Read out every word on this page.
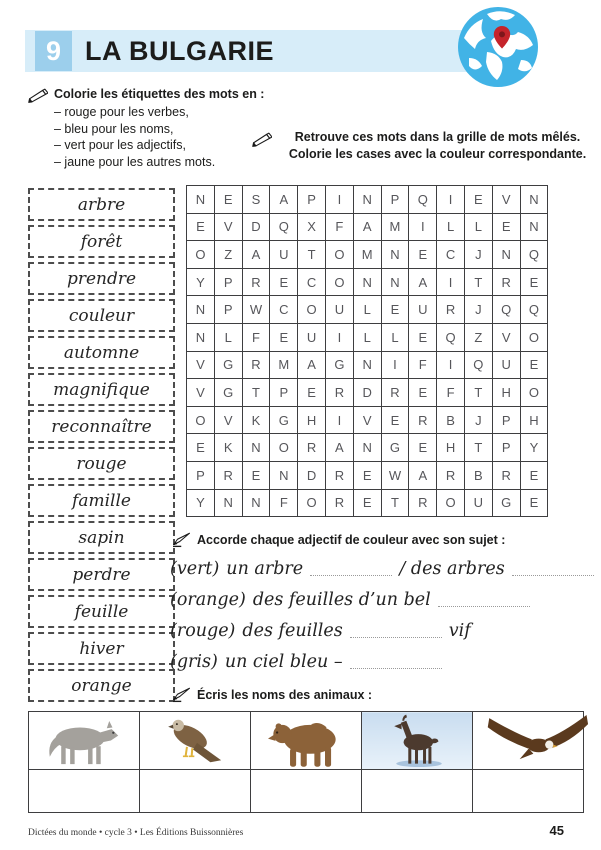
9 LA BULGARIE
Colorie les étiquettes des mots en :
– rouge pour les verbes,
– bleu pour les noms,
– vert pour les adjectifs,
– jaune pour les autres mots.
Retrouve ces mots dans la grille de mots mêlés.
Colorie les cases avec la couleur correspondante.
arbre
forêt
prendre
couleur
automne
magnifique
reconnaître
rouge
famille
sapin
perdre
feuille
hiver
orange
N	E	S	A	P	I	N	P	Q	I	E	V	N
E	V	D	Q	X	F	A	M	I	L	L	E	N
O	Z	A	U	T	O	M	N	E	C	J	N	Q
Y	P	R	E	C	O	N	N	A	I	T	R	E
N	P	W	C	O	U	L	E	U	R	J	Q	Q
N	L	F	E	U	I	L	L	E	Q	Z	V	O
V	G	R	M	A	G	N	I	F	I	Q	U	E
V	G	T	P	E	R	D	R	E	F	T	H	O
O	V	K	G	H	I	V	E	R	B	J	P	H
E	K	N	O	R	A	N	G	E	H	T	P	Y
P	R	E	N	D	R	E	W	A	R	B	R	E
Y	N	N	F	O	R	E	T	R	O	U	G	E
Accorde chaque adjectif de couleur avec son sujet :
(vert) un arbre	/ des arbres
(orange) des feuilles d’un bel
(rouge) des feuilles	vif
(gris) un ciel bleu –
Écris les noms des animaux :

Dictées du monde • cycle 3 • Les Éditions Buissonnières	45
